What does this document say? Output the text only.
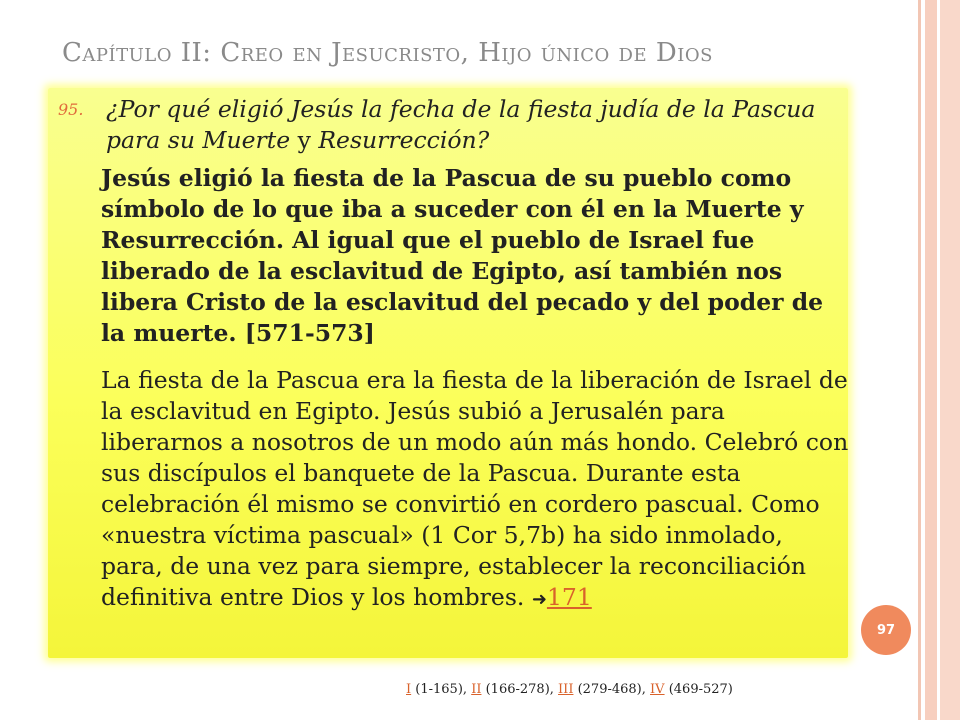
Capítulo II: Creo en Jesucristo, Hijo único de Dios
95. ¿Por qué eligió Jesús la fecha de la fiesta judía de la Pascua para su Muerte y Resurrección?
Jesús eligió la fiesta de la Pascua de su pueblo como símbolo de lo que iba a suceder con él en la Muerte y Resurrección. Al igual que el pueblo de Israel fue liberado de la esclavitud de Egipto, así también nos libera Cristo de la esclavitud del pecado y del poder de la muerte. [571-573]
La fiesta de la Pascua era la fiesta de la liberación de Israel de la esclavitud en Egipto. Jesús subió a Jerusalén para liberarnos a nosotros de un modo aún más hondo. Celebró con sus discípulos el banquete de la Pascua. Durante esta celebración él mismo se convirtió en cordero pascual. Como «nuestra víctima pascual» (1 Cor 5,7b) ha sido inmolado, para, de una vez para siempre, establecer la reconciliación definitiva entre Dios y los hombres. ➜171
97
I (1-165), II (166-278), III (279-468), IV (469-527)
